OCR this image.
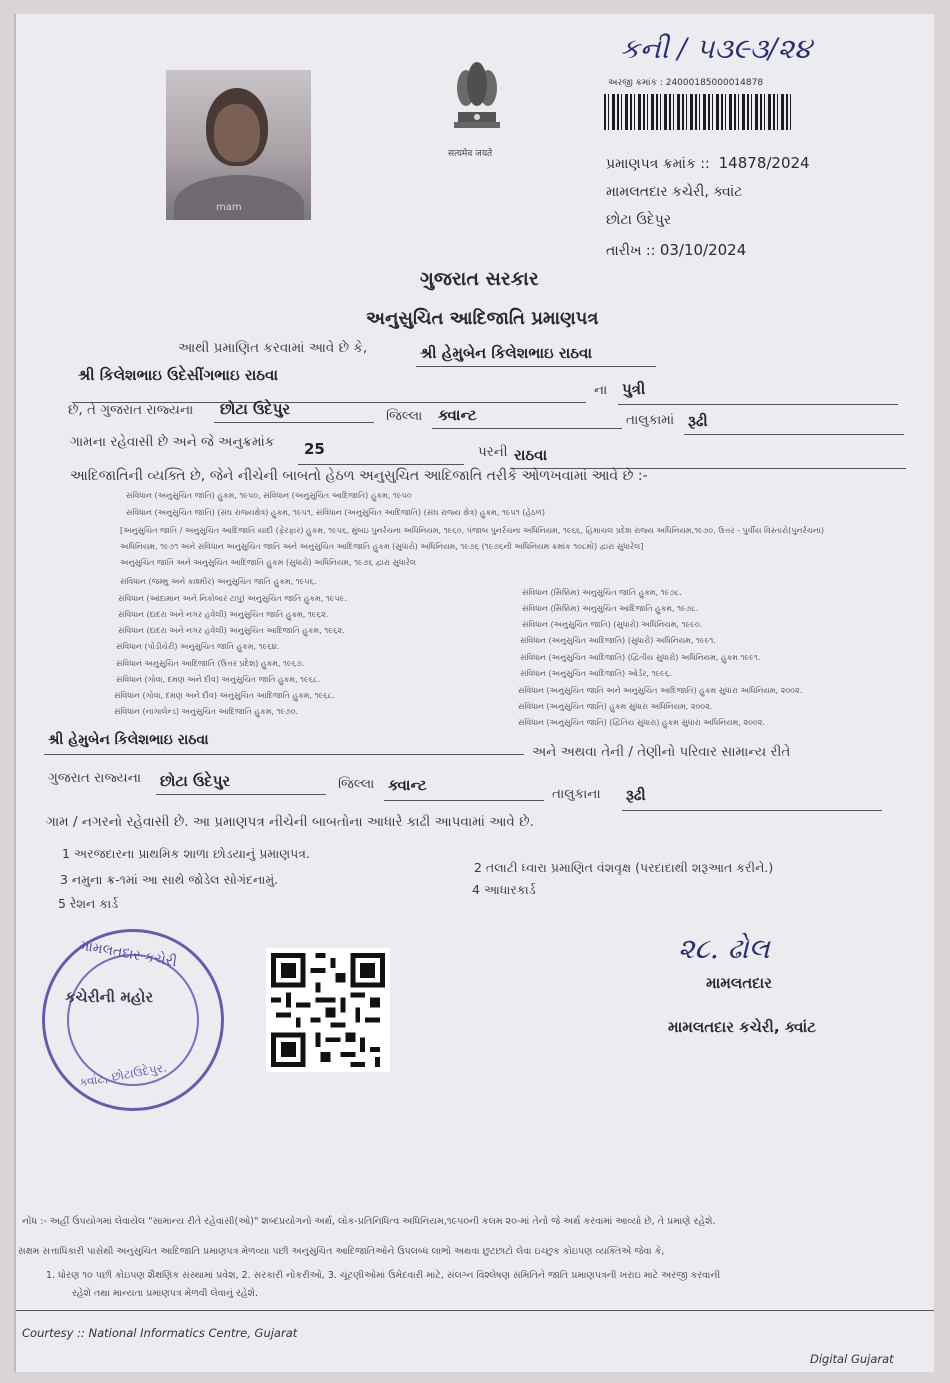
mam
सत्यमेव जयते
કની / ૫૩૯૩/૨૪
અરજી ક્રમાંક : 24000185000014878
પ્રમાણપત્ર ક્રમાંક :: 14878/2024
મામલતદાર કચેરી, ક્વાંટ
છોટા ઉદેપુર
તારીખ :: 03/10/2024
ગુજરાત સરકાર
અનુસુચિત આદિજાતિ પ્રમાણપત્ર
આથી પ્રમાણિત કરવામાં આવે છે કે,	શ્રી હેમુબેન કિલેશભાઇ રાઠવા
શ્રી કિલેશભાઇ ઉદેસીંગભાઇ રાઠવા
ના પુત્રી
છે, તે ગુજરાત રાજ્યના છોટા ઉદેપુર	જિલ્લા ક્વાન્ટ	તાલુકામાં રૂઢી
ગામના રહેવાસી છે અને જે અનુક્રમાંક 25	પરની રાઠવા
આદિજાતિની વ્યક્તિ છે, જેને નીચેની બાબતો હેઠળ અનુસુચિત આદિજાતિ તરીકે ઓળખવામાં આવે છે :-
સંવિધાન (અનુસુચિત જાતિ) હુકમ, ૧૯૫૦, સંવિધાન (અનુસુચિત આદિજાતિ) હુકમ, ૧૯૫૦
સંવિધાન (અનુસુચિત જાતિ) (સંઘ રાજ્યક્ષેત્ર) હુકમ, ૧૯૫૧, સંવિધાન (અનુસુચિત આદિજાતિ) (સંઘ રાજ્ય ક્ષેત્ર) હુકમ, ૧૯૫૧ (હેઠળ)
[અનુસુચિત જાતિ / અનુસુચિત આદિજાતિ યાદી (ફેરફાર) હુકમ, ૧૯૫૬, મુંબઇ પુનર્રચના અધિનિયમ, ૧૯૬૦, પંજાબ પુનર્રચના અધિનિયમ, ૧૯૬૬, હિમાચલ પ્રદેશ રાજ્ય અધિનિયમ,૧૯૭૦, ઉત્તર - પુર્વીય વિસ્તારો(પુનર્રચના)
અધિનિયમ, ૧૯૭૧ અને સંવિધાન અનુસુચિત જાતિ અને અનુસુચિત આદિજાતિ હુકમ (સુધારો) અધિનિયમ, ૧૯૭૬ (૧૯૭૬ની અધિનિયમ ક્રમાંક ૧૦૮મો) દ્વારા સુધારેલ]
અનુસુચિત જાતિ અને અનુસુચિત આદિજાતિ હુકમ (સુધારો) અધિનિયમ, ૧૯૭૬ દ્વારા સુધારેલ
સંવિધાન (જમ્મુ અને કાશ્મીર) અનુસુચિત જાતિ હુકમ, ૧૯૫૬.
સંવિધાન (આંદામાન અને નિકોબાર ટાપુ) અનુસુચિત જાતિ હુકમ, ૧૯૫૯.
સંવિધાન (દાદરા અને નગર હવેલી) અનુસુચિત જાતિ હુકમ, ૧૯૬૨.
સંવિધાન (દાદરા અને નગર હવેલી) અનુસુચિત આદિજાતિ હુકમ, ૧૯૬૨.
સંવિધાન (પોંડીચેરી) અનુસુચિત જાતિ હુકમ, ૧૯૬૪.
સંવિધાન અનુસુચિત આદિજાતિ (ઉત્તર પ્રદેશ) હુકમ, ૧૯૬૭.
સંવિધાન (ગોવા, દમણ અને દીવ) અનુસુચિત જાતિ હુકમ, ૧૯૬૮.
સંવિધાન (ગોવા, દમણ અને દીવ) અનુસુચિત આદિજાતિ હુકમ, ૧૯૬૮.
સંવિધાન (નાગાલેન્ડ) અનુસુચિત આદિજાતિ હુકમ, ૧૯૭૦.
સંવિધાન (સિક્કિમ) અનુસુચિત જાતિ હુકમ, ૧૯૭૮.
સંવિધાન (સિક્કિમ) અનુસુચિત આદિજાતિ હુકમ, ૧૯૭૮.
સંવિધાન (અનુસુચિત જાતિ) (સુધારો) અધિનિયમ, ૧૯૯૦.
સંવિધાન (અનુસુચિત આદિજાતિ) (સુધારો) અધિનિયમ, ૧૯૯૧.
સંવિધાન (અનુસુચિત આદિજાતિ) (દ્વિતીય સુધારો) અધિનિયમ, હુકમ ૧૯૯૧.
સંવિધાન (અનુસુચિત આદિજાતિ) ઓર્ડર, ૧૯૯૬.
સંવિધાન (અનુસુચિત જાતિ અને અનુસુચિત આદિજાતિ) હુકમ સુધારા અધિનિયમ, ૨૦૦૨.
સંવિધાન (અનુસુચિત જાતિ) હુકમ સુધારા અધિનિયમ, ૨૦૦૨.
સંવિધાન (અનુસુચિત જાતિ) (દ્વિતિય સુધારા) હુકમ સુધારા અધિનિયમ, ૨૦૦૨.
શ્રી હેમુબેન કિલેશભાઇ રાઠવા
અને અથવા તેની / તેણીનો પરિવાર સામાન્ય રીતે
ગુજરાત રાજ્યના છોટા ઉદેપુર	જિલ્લા ક્વાન્ટ	તાલુકાના રૂઢી
ગામ / નગરનો રહેવાસી છે. આ પ્રમાણપત્ર નીચેની બાબતોના આધારે કાઢી આપવામાં આવે છે.
1 અરજદારના પ્રાથમિક શાળા છોડયાનું પ્રમાણપત્ર.
2 તલાટી ધ્વારા પ્રમાણિત વંશવૃક્ષ (પરદાદાથી શરૂઆત કરીને.)
3 નમુના ક્ર-૧માં આ સાથે જોડેલ સોગંદનામું.
4 આધારકાર્ડ
5 રેશન કાર્ડ
મામલતદાર કચેરી
કચેરીની મહોર
ક્વાંટ, છોટાઉદેપુર.
૨૮. ઢોલ
મામલતદાર
મામલતદાર કચેરી, ક્વાંટ
નોંધ :- અહીં ઉપયોગમાં લેવાયેલ "સામાન્ય રીતે રહેવાસી(ઓ)" શબ્દપ્રયોગનો અર્થ, લોક-પ્રતિનિધિત્વ અધિનિયમ,૧૯૫૦ની કલમ ૨૦-માં તેનો જે અર્થ કરવામાં આવ્યો છે, તે પ્રમાણે રહેશે.
સક્ષમ સત્તાધિકારી પાસેથી અનુસુચિત આદિજાતિ પ્રમાણપત્ર મેળવ્યા પછી અનુસુચિત આદિજાતિઓને ઉપલબ્ધ લાભો અથવા છુટછાટો લેવા ઇચ્છુક કોઇપણ વ્યક્તિએ જેવા કે,
1. ધોરણ ૧૦ પછી કોઇપણ શૈક્ષણિક સંસ્થામાં પ્રવેશ, 2. સરકારી નોકરીઓ, 3. ચૂંટણીઓમાં ઉમેદવારી માટે, સંલગ્ન વિશ્લેષણ સમિતિને જાતિ પ્રમાણપત્રની ખરાઇ માટે અરજી કરવાની
રહેશે તથા માન્યતા પ્રમાણપત્ર મેળવી લેવાનું રહેશે.
Courtesy :: National Informatics Centre, Gujarat
Digital Gujarat
